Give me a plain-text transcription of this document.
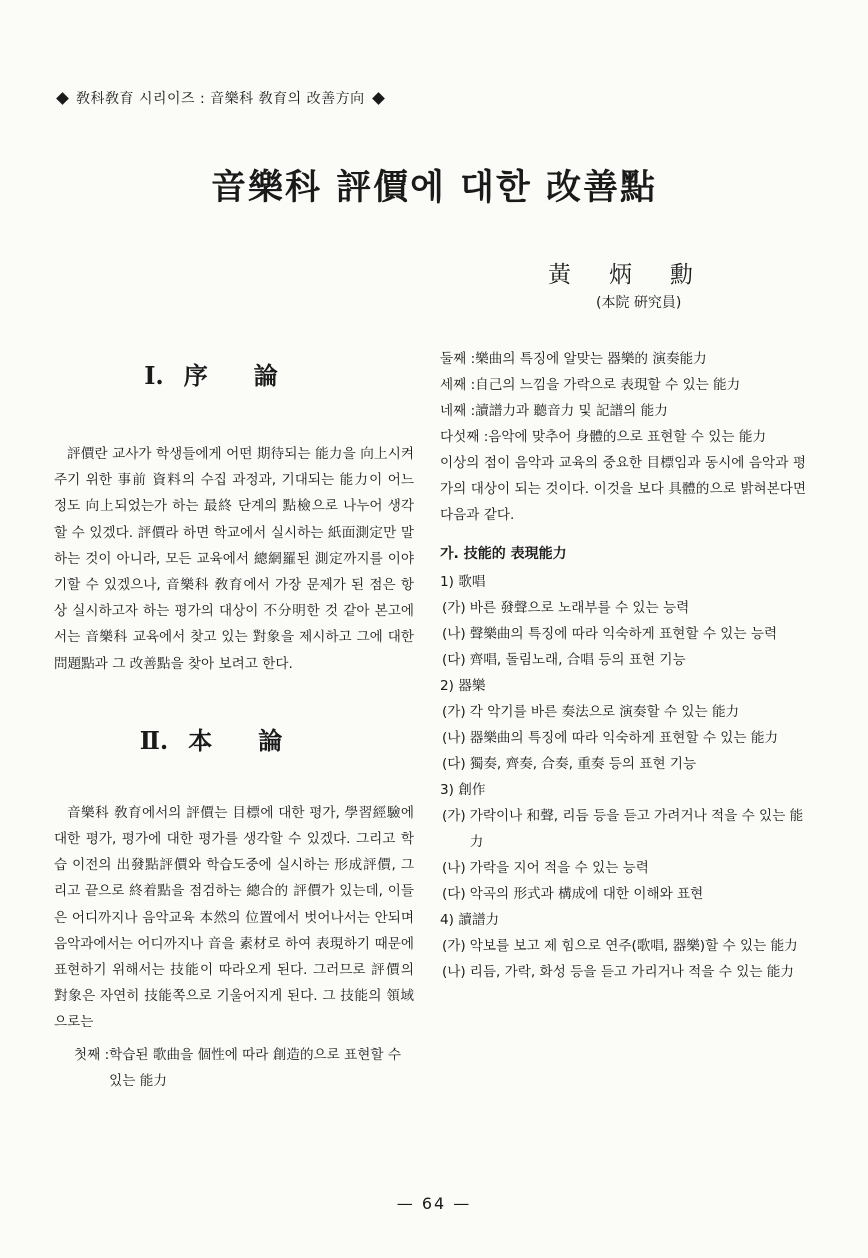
敎科敎育 시리이즈 : 音樂科 敎育의 改善方向
音樂科 評價에 대한 改善點
黃炳勳
(本院 硏究員)
Ⅰ. 序論

評價란 교사가 학생들에게 어떤 期待되는 能力을 向上시켜주기 위한 事前 資料의 수집 과정과, 기대되는 能力이 어느 정도 向上되었는가 하는 最終 단계의 點檢으로 나누어 생각할 수 있겠다. 評價라 하면 학교에서 실시하는 紙面測定만 말하는 것이 아니라, 모든 교육에서 總網羅된 測定까지를 이야기할 수 있겠으나, 音樂科 敎育에서 가장 문제가 된 점은 항상 실시하고자 하는 평가의 대상이 不分明한 것 같아 본고에서는 音樂科 교육에서 찾고 있는 對象을 제시하고 그에 대한 問題點과 그 改善點을 찾아 보려고 한다.

Ⅱ. 本論

音樂科 敎育에서의 評價는 目標에 대한 평가, 學習經驗에 대한 평가, 평가에 대한 평가를 생각할 수 있겠다. 그리고 학습 이전의 出發點評價와 학습도중에 실시하는 形成評價, 그리고 끝으로 終着點을 점검하는 總合的 評價가 있는데, 이들은 어디까지나 음악교육 本然의 位置에서 벗어나서는 안되며 음악과에서는 어디까지나 音을 素材로 하여 表現하기 때문에 표현하기 위해서는 技能이 따라오게 된다. 그러므로 評價의 對象은 자연히 技能쪽으로 기울어지게 된다. 그 技能의 領域으로는

첫째 : 학습된 歌曲을 個性에 따라 創造的으로 표현할 수 있는 能力
둘째 : 樂曲의 특징에 알맞는 器樂的 演奏能力
세째 : 自己의 느낌을 가락으로 表現할 수 있는 能力
네째 : 讀譜力과 聽音力 및 記譜의 能力
다섯째 : 음악에 맞추어 身體的으로 표현할 수 있는 能力

이상의 점이 음악과 교육의 중요한 目標임과 동시에 음악과 평가의 대상이 되는 것이다. 이것을 보다 具體的으로 밝혀본다면 다음과 같다.

가. 技能的 表現能力
1) 歌唱
(가) 바른 發聲으로 노래부를 수 있는 능력
(나) 聲樂曲의 특징에 따라 익숙하게 표현할 수 있는 능력
(다) 齊唱, 돌림노래, 合唱 등의 표현 기능
2) 器樂
(가) 각 악기를 바른 奏法으로 演奏할 수 있는 能力
(나) 器樂曲의 특징에 따라 익숙하게 표현할 수 있는 能力
(다) 獨奏, 齊奏, 合奏, 重奏 등의 표현 기능
3) 創作
(가) 가락이나 和聲, 리듬 등을 듣고 가려거나 적을 수 있는 能力
(나) 가락을 지어 적을 수 있는 능력
(다) 악곡의 形式과 構成에 대한 이해와 표현
4) 讀譜力
(가) 악보를 보고 제 힘으로 연주(歌唱, 器樂)할 수 있는 能力
(나) 리듬, 가락, 화성 등을 듣고 가리거나 적을 수 있는 能力
— 64 —
